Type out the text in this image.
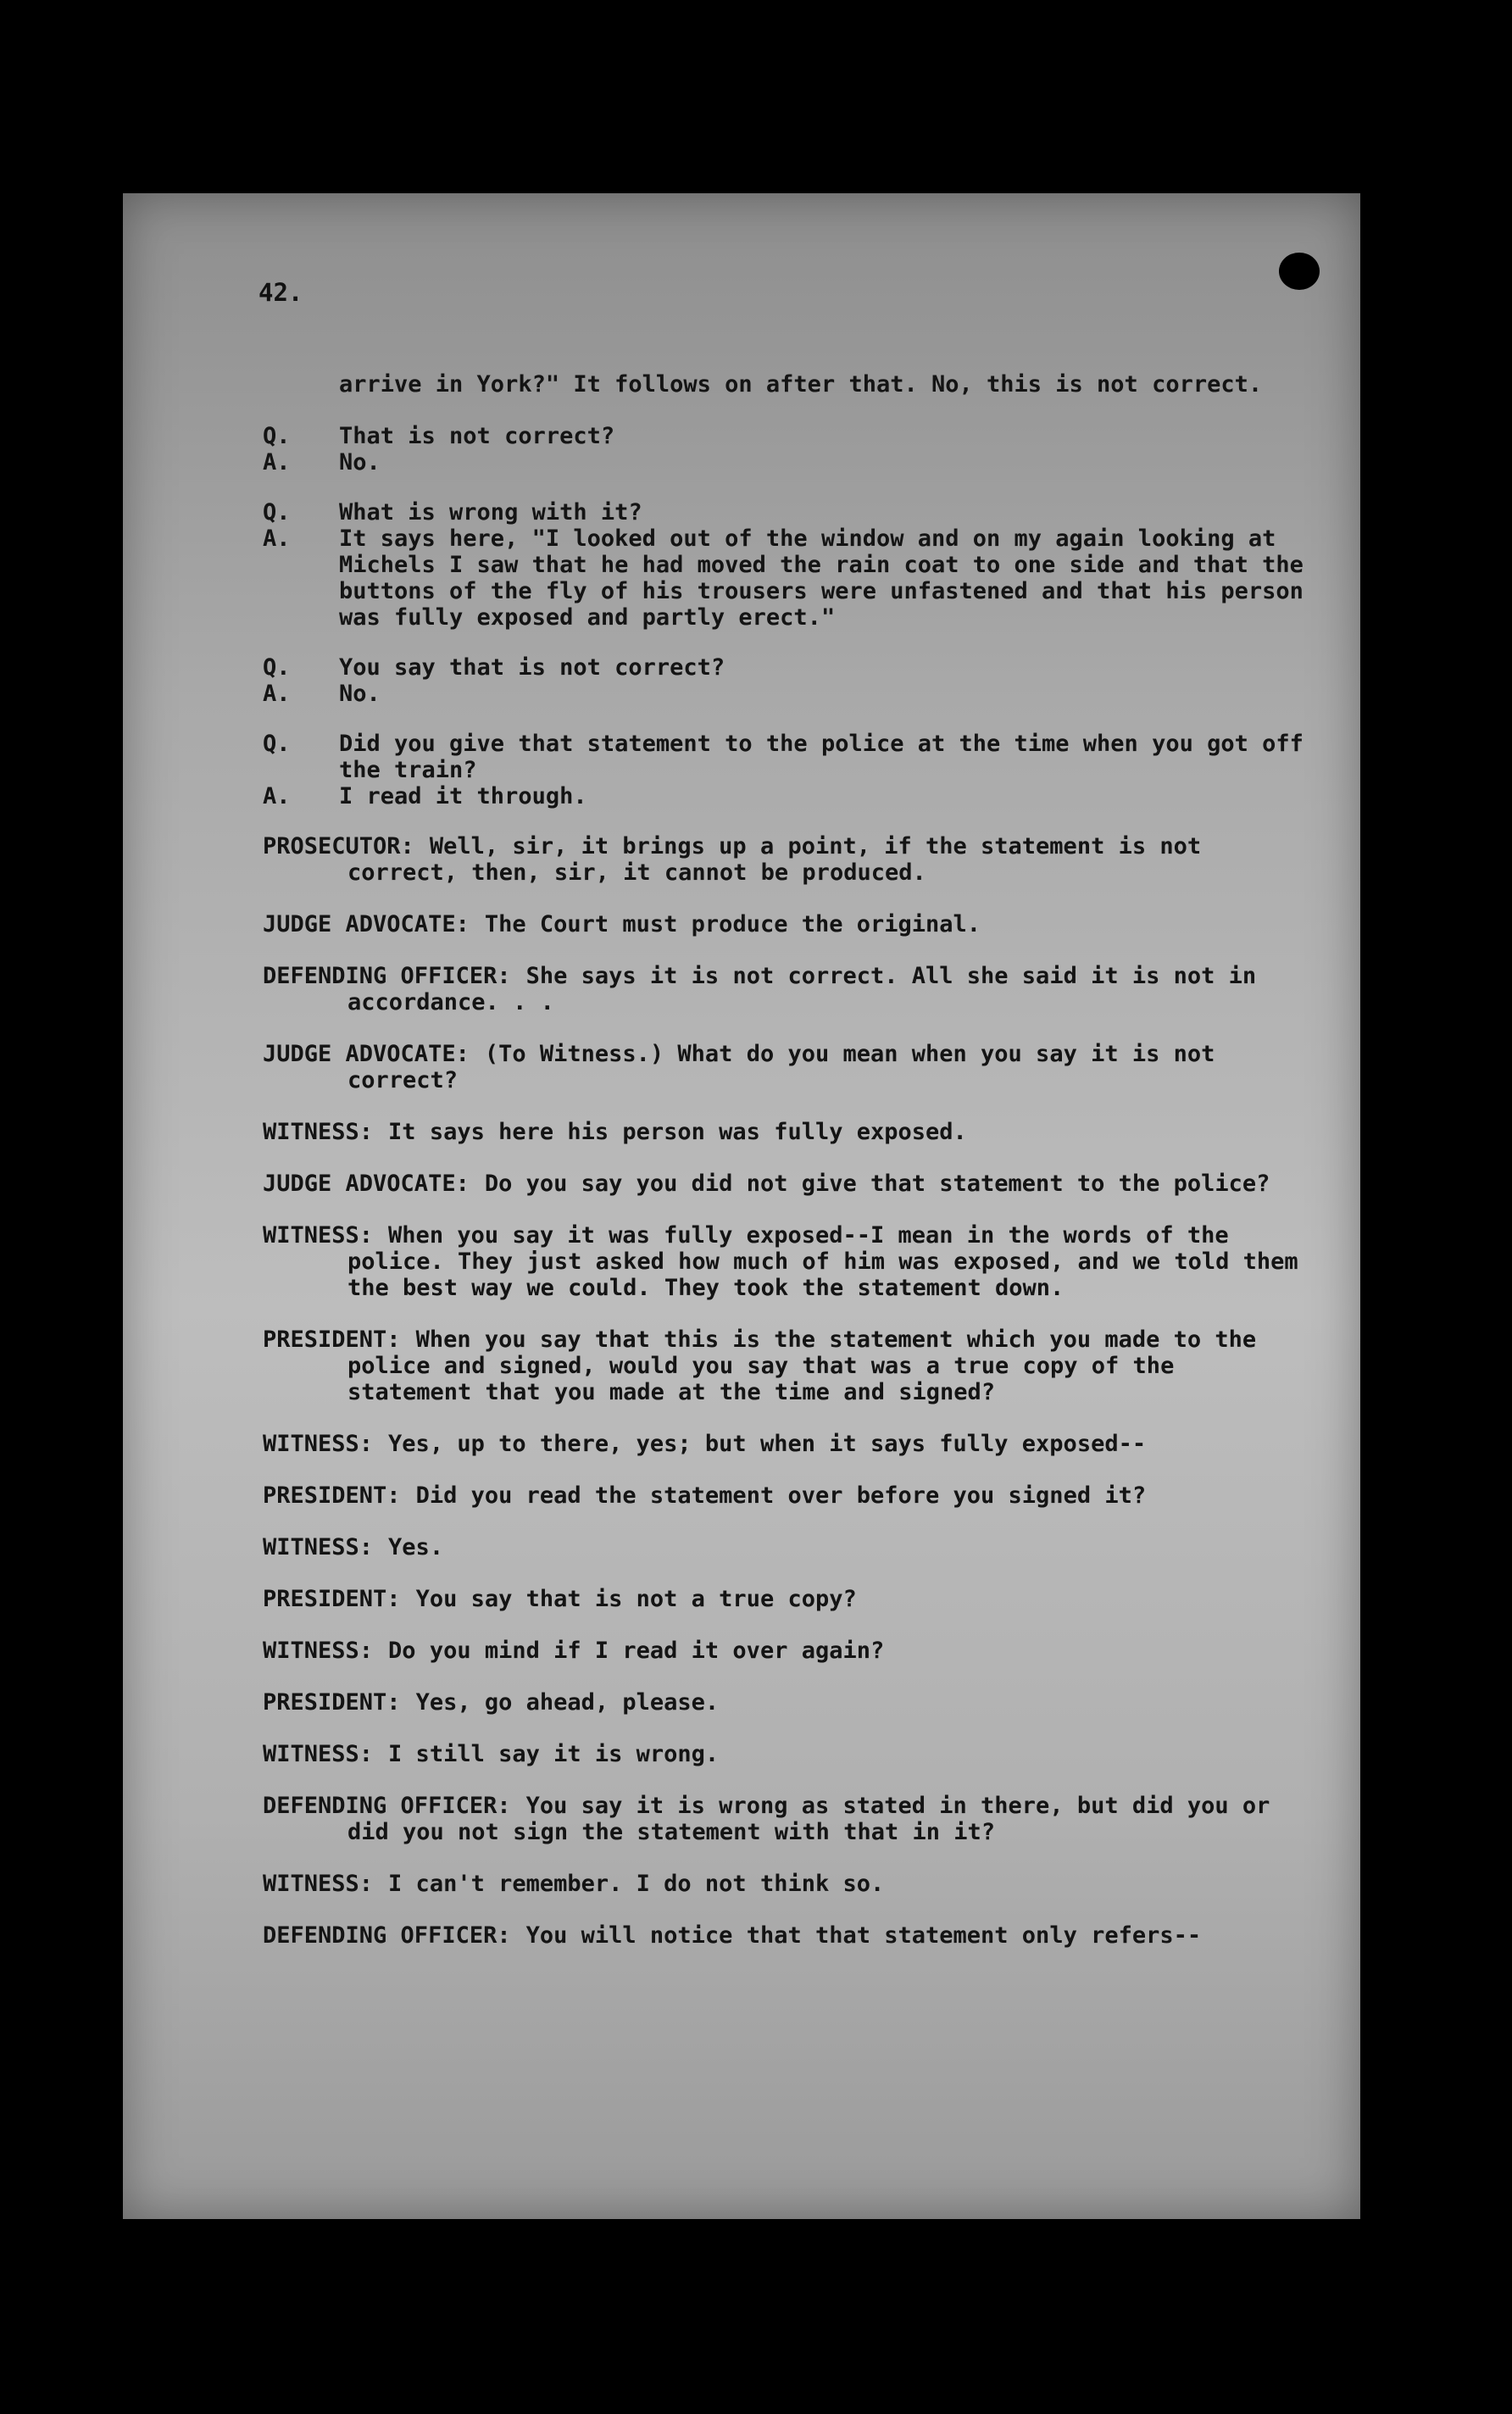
42.

arrive in York?" It follows on after that. No, this is not correct.

Q.	That is not correct?
A.	No.
Q.	What is wrong with it?
A.	It says here, "I looked out of the window and on my again looking at Michels I saw that he had moved the rain coat to one side and that the buttons of the fly of his trousers were unfastened and that his person was fully exposed and partly erect."
Q.	You say that is not correct?
A.	No.
Q.	Did you give that statement to the police at the time when you got off the train?
A.	I read it through.

PROSECUTOR: Well, sir, it brings up a point, if the statement is not correct, then, sir, it cannot be produced.

JUDGE ADVOCATE: The Court must produce the original.

DEFENDING OFFICER: She says it is not correct. All she said it is not in accordance. . .

JUDGE ADVOCATE: (To Witness.) What do you mean when you say it is not correct?

WITNESS: It says here his person was fully exposed.

JUDGE ADVOCATE: Do you say you did not give that statement to the police?

WITNESS: When you say it was fully exposed--I mean in the words of the police. They just asked how much of him was exposed, and we told them the best way we could. They took the statement down.

PRESIDENT: When you say that this is the statement which you made to the police and signed, would you say that was a true copy of the statement that you made at the time and signed?

WITNESS: Yes, up to there, yes; but when it says fully exposed--

PRESIDENT: Did you read the statement over before you signed it?

WITNESS: Yes.

PRESIDENT: You say that is not a true copy?

WITNESS: Do you mind if I read it over again?

PRESIDENT: Yes, go ahead, please.

WITNESS: I still say it is wrong.

DEFENDING OFFICER: You say it is wrong as stated in there, but did you or did you not sign the statement with that in it?

WITNESS: I can't remember. I do not think so.

DEFENDING OFFICER: You will notice that that statement only refers--
